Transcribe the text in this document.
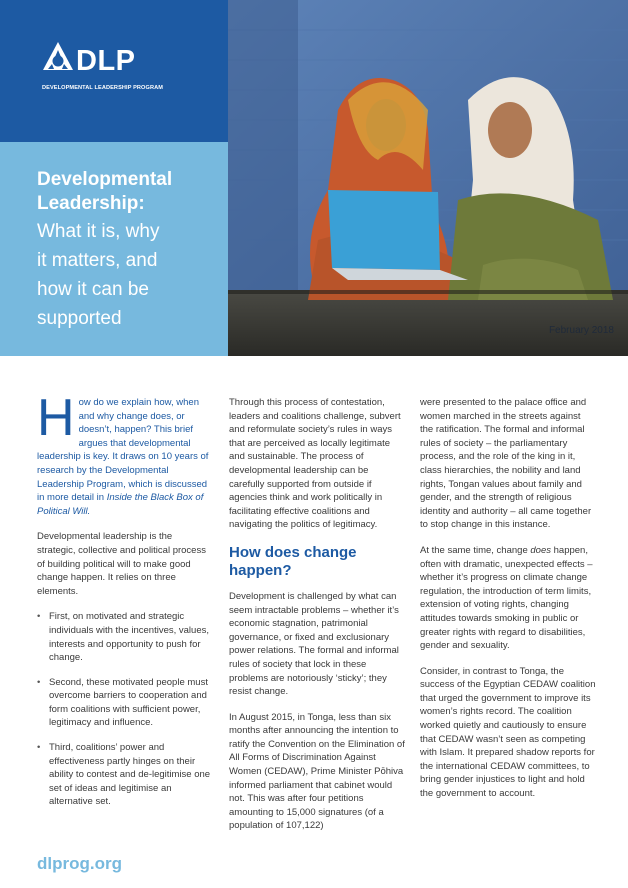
DLP
DEVELOPMENTAL LEADERSHIP PROGRAM
Developmental
Leadership:
What it is, why
it matters, and
how it can be
supported
February 2018

How do we explain how, when and why change does, or doesn’t, happen? This brief argues that developmental leadership is key. It draws on 10 years of research by the Developmental Leadership Program, which is discussed in more detail in Inside the Black Box of Political Will.

Developmental leadership is the strategic, collective and political process of building political will to make good change happen. It relies on three elements.

• First, on motivated and strategic individuals with the incentives, values, interests and opportunity to push for change.
• Second, these motivated people must overcome barriers to cooperation and form coalitions with sufficient power, legitimacy and influence.
• Third, coalitions’ power and effectiveness partly hinges on their ability to contest and de-legitimise one set of ideas and legitimise an alternative set.

Through this process of contestation, leaders and coalitions challenge, subvert and reformulate society’s rules in ways that are perceived as locally legitimate and sustainable. The process of developmental leadership can be carefully supported from outside if agencies think and work politically in facilitating effective coalitions and navigating the politics of legitimacy.

How does change happen?

Development is challenged by what can seem intractable problems – whether it’s economic stagnation, patrimonial governance, or fixed and exclusionary power relations. The formal and informal rules of society that lock in these problems are notoriously ‘sticky’; they resist change.

In August 2015, in Tonga, less than six months after announcing the intention to ratify the Convention on the Elimination of All Forms of Discrimination Against Women (CEDAW), Prime Minister Pōhiva informed parliament that cabinet would not. This was after four petitions amounting to 15,000 signatures (of a population of 107,122)

were presented to the palace office and women marched in the streets against the ratification. The formal and informal rules of society – the parliamentary process, and the role of the king in it, class hierarchies, the nobility and land rights, Tongan values about family and gender, and the strength of religious identity and authority – all came together to stop change in this instance.

At the same time, change does happen, often with dramatic, unexpected effects – whether it’s progress on climate change regulation, the introduction of term limits, extension of voting rights, changing attitudes towards smoking in public or greater rights with regard to disabilities, gender and sexuality.

Consider, in contrast to Tonga, the success of the Egyptian CEDAW coalition that urged the government to improve its women’s rights record. The coalition worked quietly and cautiously to ensure that CEDAW wasn’t seen as competing with Islam. It prepared shadow reports for the international CEDAW committees, to bring gender injustices to light and hold the government to account.

dlprog.org
